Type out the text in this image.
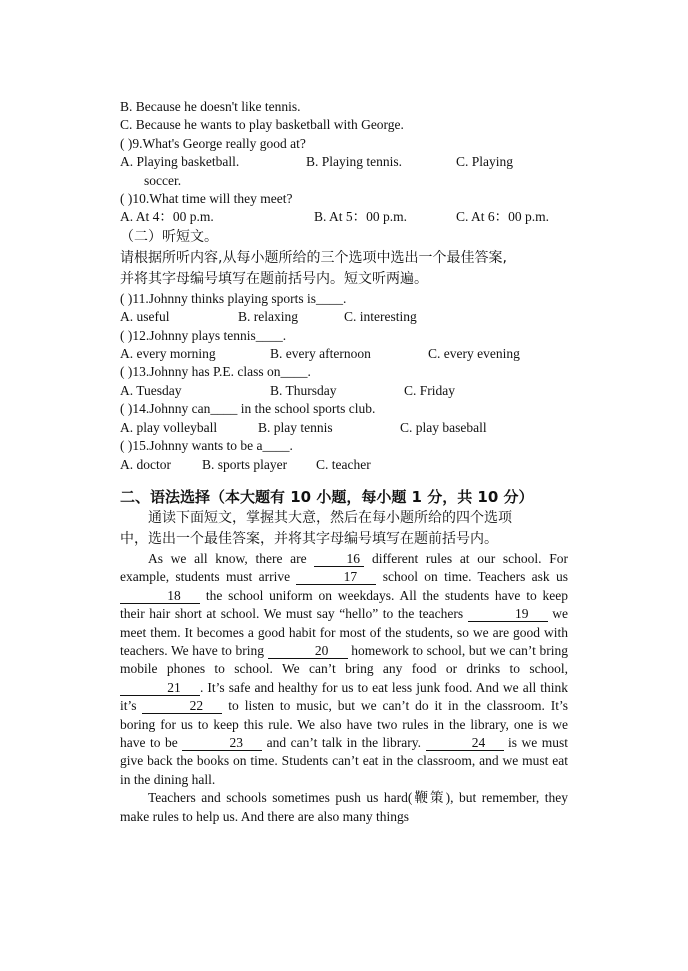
B. Because he doesn't like tennis.
C. Because he wants to play basketball with George.
( )9.What's George really good at?
A. Playing basketball.	B. Playing tennis.	C. Playing
soccer.
( )10.What time will they meet?
A. At 4：00 p.m.	B. At 5：00 p.m.	C. At 6：00 p.m.
（二）听短文。
请根据所听内容,从每小题所给的三个选项中选出一个最佳答案,
并将其字母编号填写在题前括号内。短文听两遍。
( )11.Johnny thinks playing sports is____.
A. useful	B. relaxing	C. interesting
( )12.Johnny plays tennis____.
A. every morning	B. every afternoon	C. every evening
( )13.Johnny has P.E. class on____.
A. Tuesday	B. Thursday	C. Friday
( )14.Johnny can____ in the school sports club.
A. play volleyball	B. play tennis	C. play baseball
( )15.Johnny wants to be a____.
A. doctor	B. sports player	C. teacher
二、语法选择（本大题有 10 小题，每小题 1 分，共 10 分）
通读下面短文，掌握其大意，然后在每小题所给的四个选项
中，选出一个最佳答案，并将其字母编号填写在题前括号内。
As we all know, there are 16 different rules at our school. For example, students must arrive	17 school on time. Teachers ask us 18 the school uniform on weekdays. All the students have to keep their hair short at school. We must say “hello” to the teachers	19 we meet them. It becomes a good habit for most of the students, so we are good with teachers. We have to bring	20 homework to school, but we can’t bring mobile phones to school. We can’t bring any food or drinks to school, 21 . It’s safe and healthy for us to eat less junk food. And we all think it’s	22 to listen to music, but we can’t do it in the classroom. It’s boring for us to keep this rule. We also have two rules in the library, one is we have to be	23 and can’t talk in the library.	24 is we must give back the books on time. Students can’t eat in the classroom, and we must eat in the dining hall.
Teachers and schools sometimes push us hard(鞭策), but remember, they make rules to help us. And there are also many things
